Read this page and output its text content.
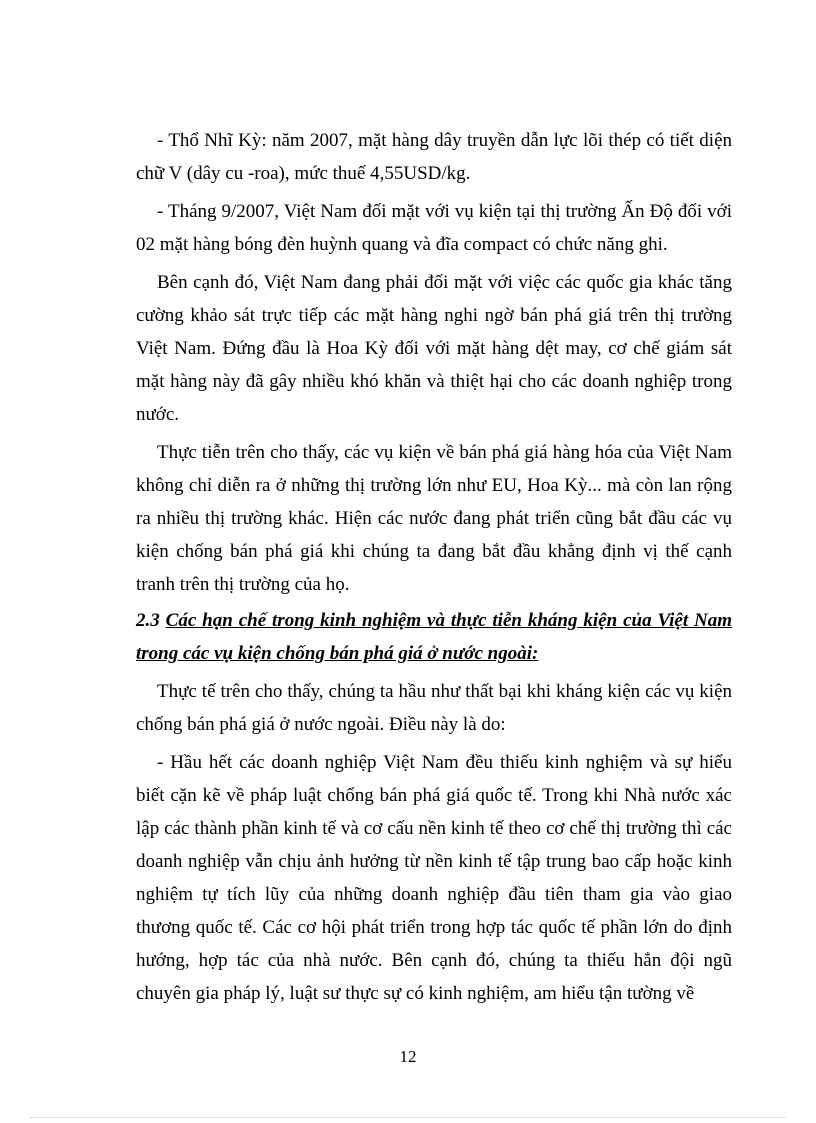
- Thổ Nhĩ Kỳ: năm 2007, mặt hàng dây truyền dẫn lực lõi thép có tiết diện chữ V (dây cu -roa), mức thuế 4,55USD/kg.

- Tháng 9/2007, Việt Nam đối mặt với vụ kiện tại thị trường Ấn Độ đối với 02 mặt hàng bóng đèn huỳnh quang và đĩa compact có chức năng ghi.

Bên cạnh đó, Việt Nam đang phải đối mặt với việc các quốc gia khác tăng cường khảo sát trực tiếp các mặt hàng nghi ngờ bán phá giá trên thị trường Việt Nam. Đứng đầu là Hoa Kỳ đối với mặt hàng dệt may, cơ chế giám sát mặt hàng này đã gây nhiều khó khăn và thiệt hại cho các doanh nghiệp trong nước.

Thực tiễn trên cho thấy, các vụ kiện về bán phá giá hàng hóa của Việt Nam không chỉ diễn ra ở những thị trường lớn như EU, Hoa Kỳ... mà còn lan rộng ra nhiều thị trường khác. Hiện các nước đang phát triển cũng bắt đầu các vụ kiện chống bán phá giá khi chúng ta đang bắt đầu khẳng định vị thế cạnh tranh trên thị trường của họ.

2.3 Các hạn chế trong kinh nghiệm và thực tiễn kháng kiện của Việt Nam trong các vụ kiện chống bán phá giá ở nước ngoài:

Thực tế trên cho thấy, chúng ta hầu như thất bại khi kháng kiện các vụ kiện chống bán phá giá ở nước ngoài. Điều này là do:

- Hầu hết các doanh nghiệp Việt Nam đều thiếu kinh nghiệm và sự hiểu biết cặn kẽ về pháp luật chống bán phá giá quốc tế. Trong khi Nhà nước xác lập các thành phần kinh tế và cơ cấu nền kinh tế theo cơ chế thị trường thì các doanh nghiệp vẫn chịu ảnh hưởng từ nền kinh tế tập trung bao cấp hoặc kinh nghiệm tự tích lũy của những doanh nghiệp đầu tiên tham gia vào giao thương quốc tế. Các cơ hội phát triển trong hợp tác quốc tế phần lớn do định hướng, hợp tác của nhà nước. Bên cạnh đó, chúng ta thiếu hẳn đội ngũ chuyên gia pháp lý, luật sư thực sự có kinh nghiệm, am hiểu tận tường về

12
